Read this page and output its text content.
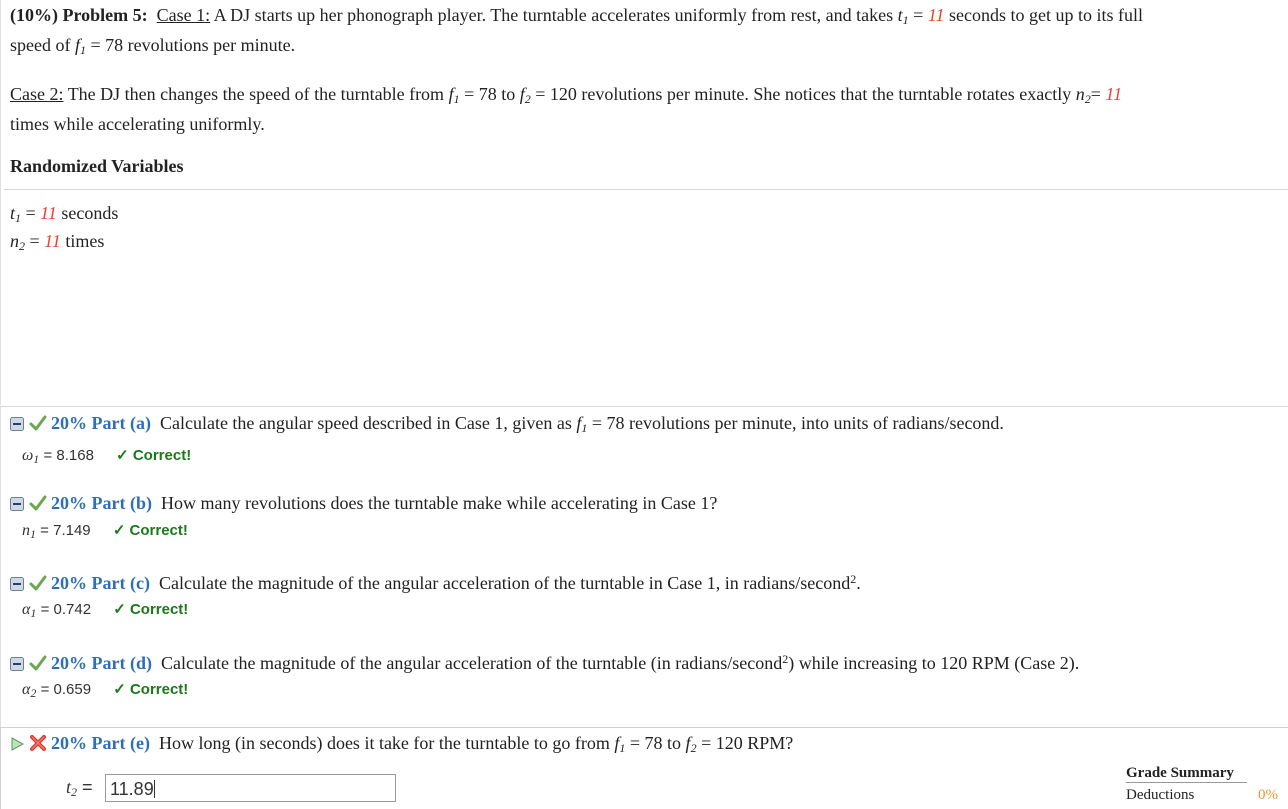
(10%) Problem 5: Case 1: A DJ starts up her phonograph player. The turntable accelerates uniformly from rest, and takes $t_1 = 11$ seconds to get up to its full
speed of $f_1 = 78$ revolutions per minute.
Case 2: The DJ then changes the speed of the turntable from $f_1 = 78$ to $f_2 = 120$ revolutions per minute. She notices that the turntable rotates exactly $n_2= 11$
times while accelerating uniformly.
Randomized Variables
$t_1 = 11$ seconds
$n_2 = 11$ times
20% Part (a) Calculate the angular speed described in Case 1, given as $f_1 = 78$ revolutions per minute, into units of radians/second.
$\omega_1 = 8.168$ ✓ Correct!
20% Part (b) How many revolutions does the turntable make while accelerating in Case 1?
$n_1 = 7.149$ ✓ Correct!
20% Part (c) Calculate the magnitude of the angular acceleration of the turntable in Case 1, in radians/second$^2$.
$\alpha_1 = 0.742$ ✓ Correct!
20% Part (d) Calculate the magnitude of the angular acceleration of the turntable (in radians/second$^2$) while increasing to 120 RPM (Case 2).
$\alpha_2 = 0.659$ ✓ Correct!
20% Part (e) How long (in seconds) does it take for the turntable to go from $f_1 = 78$ to $f_2 = 120$ RPM?
$t_2 = 11.89$
Grade Summary
Deductions	0%
